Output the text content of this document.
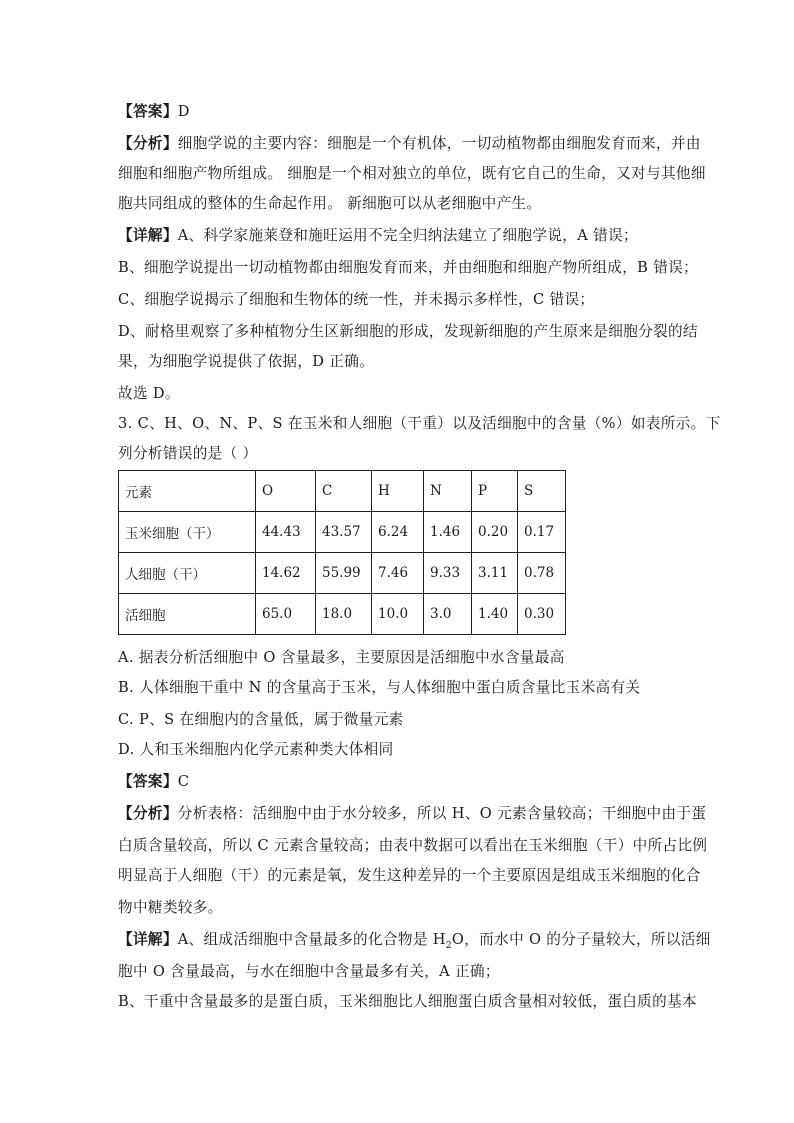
【答案】D
【分析】细胞学说的主要内容：细胞是一个有机体，一切动植物都由细胞发育而来，并由
细胞和细胞产物所组成。 细胞是一个相对独立的单位，既有它自己的生命，又对与其他细
胞共同组成的整体的生命起作用。 新细胞可以从老细胞中产生。
【详解】A、科学家施莱登和施旺运用不完全归纳法建立了细胞学说，A 错误；
B、细胞学说提出一切动植物都由细胞发育而来，并由细胞和细胞产物所组成，B 错误；
C、细胞学说揭示了细胞和生物体的统一性，并未揭示多样性，C 错误；
D、耐格里观察了多种植物分生区新细胞的形成，发现新细胞的产生原来是细胞分裂的结
果，为细胞学说提供了依据，D 正确。
故选 D。
3. C、H、O、N、P、S 在玉米和人细胞（干重）以及活细胞中的含量（%）如表所示。下
列分析错误的是（ ）
元素	O	C	H	N	P	S
玉米细胞（干）	44.43	43.57	6.24	1.46	0.20	0.17
人细胞（干）	14.62	55.99	7.46	9.33	3.11	0.78
活细胞	65.0	18.0	10.0	3.0	1.40	0.30
A. 据表分析活细胞中 O 含量最多，主要原因是活细胞中水含量最高
B. 人体细胞干重中 N 的含量高于玉米，与人体细胞中蛋白质含量比玉米高有关
C. P、S 在细胞内的含量低，属于微量元素
D. 人和玉米细胞内化学元素种类大体相同
【答案】C
【分析】分析表格：活细胞中由于水分较多，所以 H、O 元素含量较高；干细胞中由于蛋
白质含量较高，所以 C 元素含量较高；由表中数据可以看出在玉米细胞（干）中所占比例
明显高于人细胞（干）的元素是氧，发生这种差异的一个主要原因是组成玉米细胞的化合
物中糖类较多。
【详解】A、组成活细胞中含量最多的化合物是 $H_2O$，而水中 O 的分子量较大，所以活细
胞中 O 含量最高，与水在细胞中含量最多有关，A 正确；
B、干重中含量最多的是蛋白质，玉米细胞比人细胞蛋白质含量相对较低，蛋白质的基本
